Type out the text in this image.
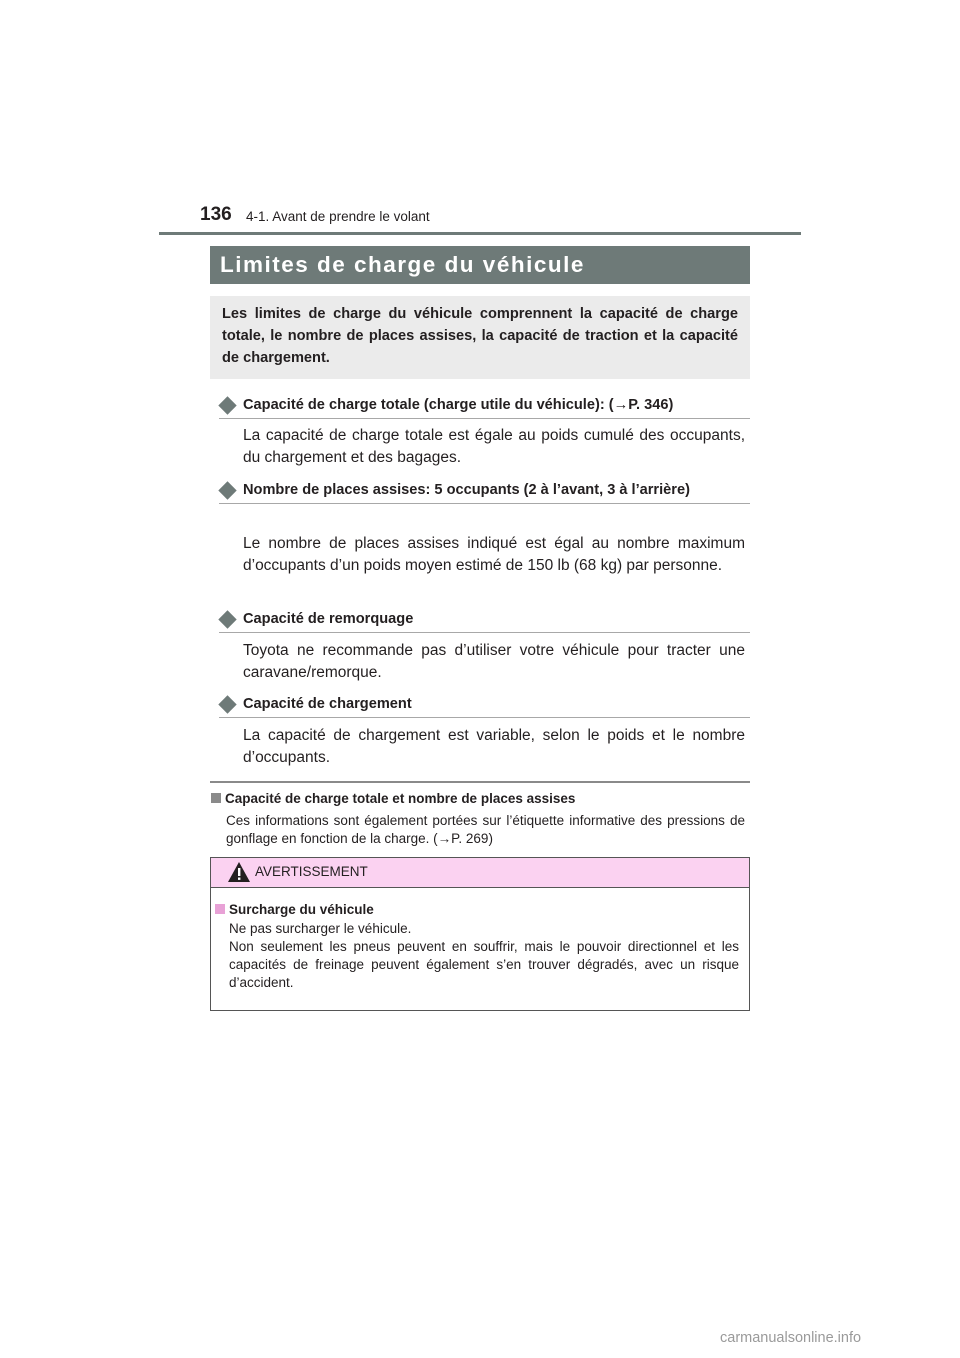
136 4-1. Avant de prendre le volant
Limites de charge du véhicule
Les limites de charge du véhicule comprennent la capacité de charge totale, le nombre de places assises, la capacité de traction et la capacité de chargement.
Capacité de charge totale (charge utile du véhicule): (→P. 346)
La capacité de charge totale est égale au poids cumulé des occupants, du chargement et des bagages.
Nombre de places assises: 5 occupants (2 à l’avant, 3 à l’arrière)
Le nombre de places assises indiqué est égal au nombre maximum d’occupants d’un poids moyen estimé de 150 lb (68 kg) par personne.
Capacité de remorquage
Toyota ne recommande pas d’utiliser votre véhicule pour tracter une caravane/remorque.
Capacité de chargement
La capacité de chargement est variable, selon le poids et le nombre d’occupants.
Capacité de charge totale et nombre de places assises
Ces informations sont également portées sur l’étiquette informative des pressions de gonflage en fonction de la charge. (→P. 269)
AVERTISSEMENT
Surcharge du véhicule
Ne pas surcharger le véhicule.
Non seulement les pneus peuvent en souffrir, mais le pouvoir directionnel et les capacités de freinage peuvent également s’en trouver dégradés, avec un risque d’accident.
carmanualsonline.info
